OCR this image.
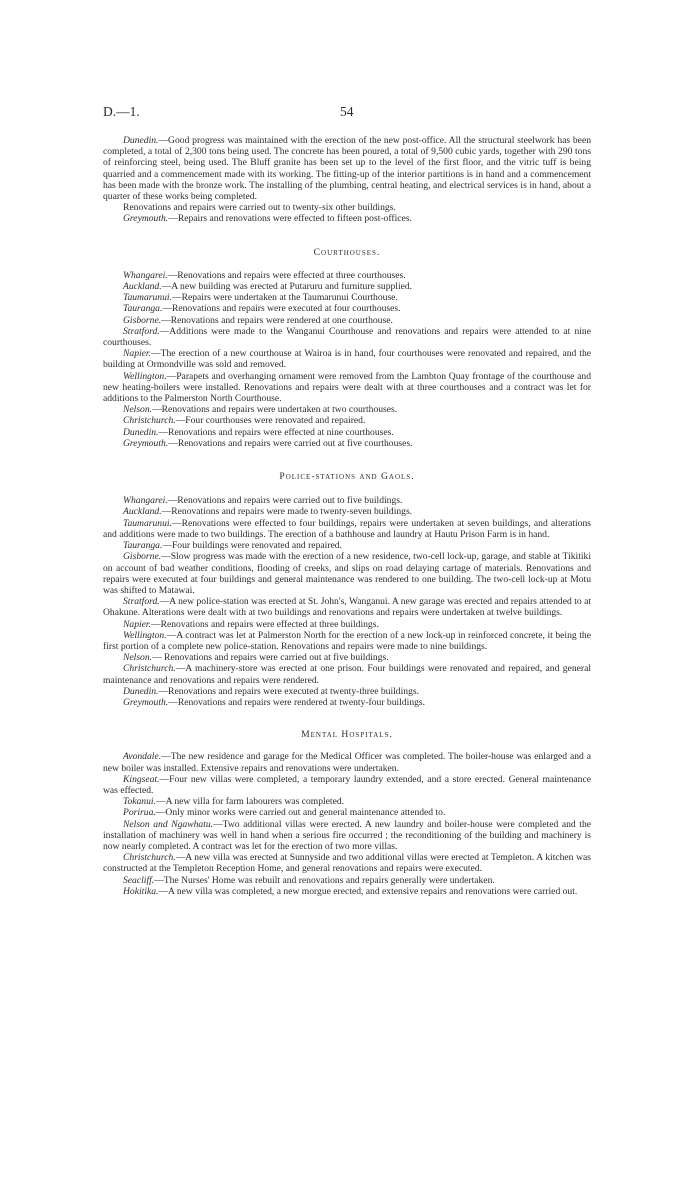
D.—1.	54

Dunedin.—Good progress was maintained with the erection of the new post-office. All the structural steelwork has been completed, a total of 2,300 tons being used. The concrete has been poured, a total of 9,500 cubic yards, together with 290 tons of reinforcing steel, being used. The Bluff granite has been set up to the level of the first floor, and the vitric tuff is being quarried and a commencement made with its working. The fitting-up of the interior partitions is in hand and a commencement has been made with the bronze work. The installing of the plumbing, central heating, and electrical services is in hand, about a quarter of these works being completed.

Renovations and repairs were carried out to twenty-six other buildings.

Greymouth.—Repairs and renovations were effected to fifteen post-offices.

Courthouses.

Whangarei.—Renovations and repairs were effected at three courthouses.

Auckland.—A new building was erected at Putaruru and furniture supplied.

Taumarunui.—Repairs were undertaken at the Taumarunui Courthouse.

Tauranga.—Renovations and repairs were executed at four courthouses.

Gisborne.—Renovations and repairs were rendered at one courthouse.

Stratford.—Additions were made to the Wanganui Courthouse and renovations and repairs were attended to at nine courthouses.

Napier.—The erection of a new courthouse at Wairoa is in hand, four courthouses were renovated and repaired, and the building at Ormondville was sold and removed.

Wellington.—Parapets and overhanging ornament were removed from the Lambton Quay frontage of the courthouse and new heating-boilers were installed. Renovations and repairs were dealt with at three courthouses and a contract was let for additions to the Palmerston North Courthouse.

Nelson.—Renovations and repairs were undertaken at two courthouses.

Christchurch.—Four courthouses were renovated and repaired.

Dunedin.—Renovations and repairs were effected at nine courthouses.

Greymouth.—Renovations and repairs were carried out at five courthouses.

Police-stations and Gaols.

Whangarei.—Renovations and repairs were carried out to five buildings.

Auckland.—Renovations and repairs were made to twenty-seven buildings.

Taumarunui.—Renovations were effected to four buildings, repairs were undertaken at seven buildings, and alterations and additions were made to two buildings. The erection of a bathhouse and laundry at Hautu Prison Farm is in hand.

Tauranga.—Four buildings were renovated and repaired.

Gisborne.—Slow progress was made with the erection of a new residence, two-cell lock-up, garage, and stable at Tikitiki on account of bad weather conditions, flooding of creeks, and slips on road delaying cartage of materials. Renovations and repairs were executed at four buildings and general maintenance was rendered to one building. The two-cell lock-up at Motu was shifted to Matawai.

Stratford.—A new police-station was erected at St. John's, Wanganui. A new garage was erected and repairs attended to at Ohakune. Alterations were dealt with at two buildings and renovations and repairs were undertaken at twelve buildings.

Napier.—Renovations and repairs were effected at three buildings.

Wellington.—A contract was let at Palmerston North for the erection of a new lock-up in reinforced concrete, it being the first portion of a complete new police-station. Renovations and repairs were made to nine buildings.

Nelson.— Renovations and repairs were carried out at five buildings.

Christchurch.—A machinery-store was erected at one prison. Four buildings were renovated and repaired, and general maintenance and renovations and repairs were rendered.

Dunedin.—Renovations and repairs were executed at twenty-three buildings.

Greymouth.—Renovations and repairs were rendered at twenty-four buildings.

Mental Hospitals.

Avondale.—The new residence and garage for the Medical Officer was completed. The boiler-house was enlarged and a new boiler was installed. Extensive repairs and renovations were undertaken.

Kingseat.—Four new villas were completed, a temporary laundry extended, and a store erected. General maintenance was effected.

Tokanui.—A new villa for farm labourers was completed.

Porirua.—Only minor works were carried out and general maintenance attended to.

Nelson and Ngawhatu.—Two additional villas were erected. A new laundry and boiler-house were completed and the installation of machinery was well in hand when a serious fire occurred ; the reconditioning of the building and machinery is now nearly completed. A contract was let for the erection of two more villas.

Christchurch.—A new villa was erected at Sunnyside and two additional villas were erected at Templeton. A kitchen was constructed at the Templeton Reception Home, and general renovations and repairs were executed.

Seacliff.—The Nurses' Home was rebuilt and renovations and repairs generally were undertaken.

Hokitika.—A new villa was completed, a new morgue erected, and extensive repairs and renovations were carried out.
